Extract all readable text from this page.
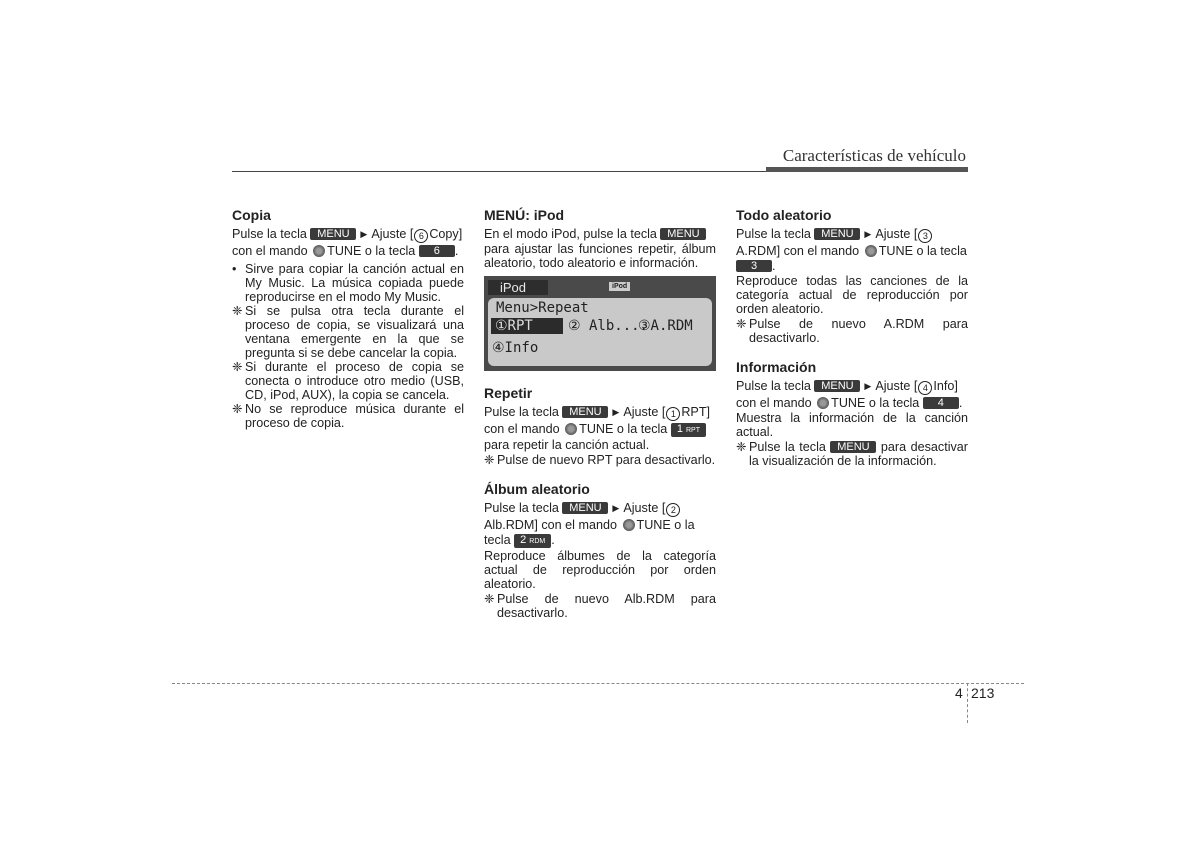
Características de vehículo
Copia

Pulse la tecla MENU ▶ Ajuste [ 6 Copy]

con el mando TUNE o la tecla 6 .

• Sirve para copiar la canción actual en My Music. La música copiada puede reproducirse en el modo My Music.
❈ Si se pulsa otra tecla durante el proceso de copia, se visualizará una ventana emergente en la que se pregunta si se debe cancelar la copia.
❈ Si durante el proceso de copia se conecta o introduce otro medio (USB, CD, iPod, AUX), la copia se cancela.
❈ No se reproduce música durante el proceso de copia.
MENÚ: iPod

En el modo iPod, pulse la tecla MENU

para ajustar las funciones repetir, álbum aleatorio, todo aleatorio e información.

iPod	iPod
Menu>Repeat
①RPT	② Alb....
③A.RDM
④Info
Repetir

Pulse la tecla MENU ▶ Ajuste [ 1 RPT]

con el mando TUNE o la tecla 1 RPT

para repetir la canción actual.

❈ Pulse de nuevo RPT para desactivarlo.
Álbum aleatorio

Pulse la tecla MENU ▶ Ajuste [ 2

Alb.RDM] con el mando TUNE o la

tecla 2 RDM .

Reproduce álbumes de la categoría actual de reproducción por orden aleatorio.

❈ Pulse de nuevo Alb.RDM para desactivarlo.
Todo aleatorio

Pulse la tecla MENU ▶ Ajuste [ 3

A.RDM] con el mando TUNE o la tecla

3 .

Reproduce todas las canciones de la categoría actual de reproducción por orden aleatorio.

❈ Pulse de nuevo A.RDM para desactivarlo.
Información

Pulse la tecla MENU ▶ Ajuste [ 4 Info]

con el mando TUNE o la tecla 4 .

Muestra la información de la canción actual.

❈ Pulse la tecla MENU para desactivar la visualización de la información.
4 213
